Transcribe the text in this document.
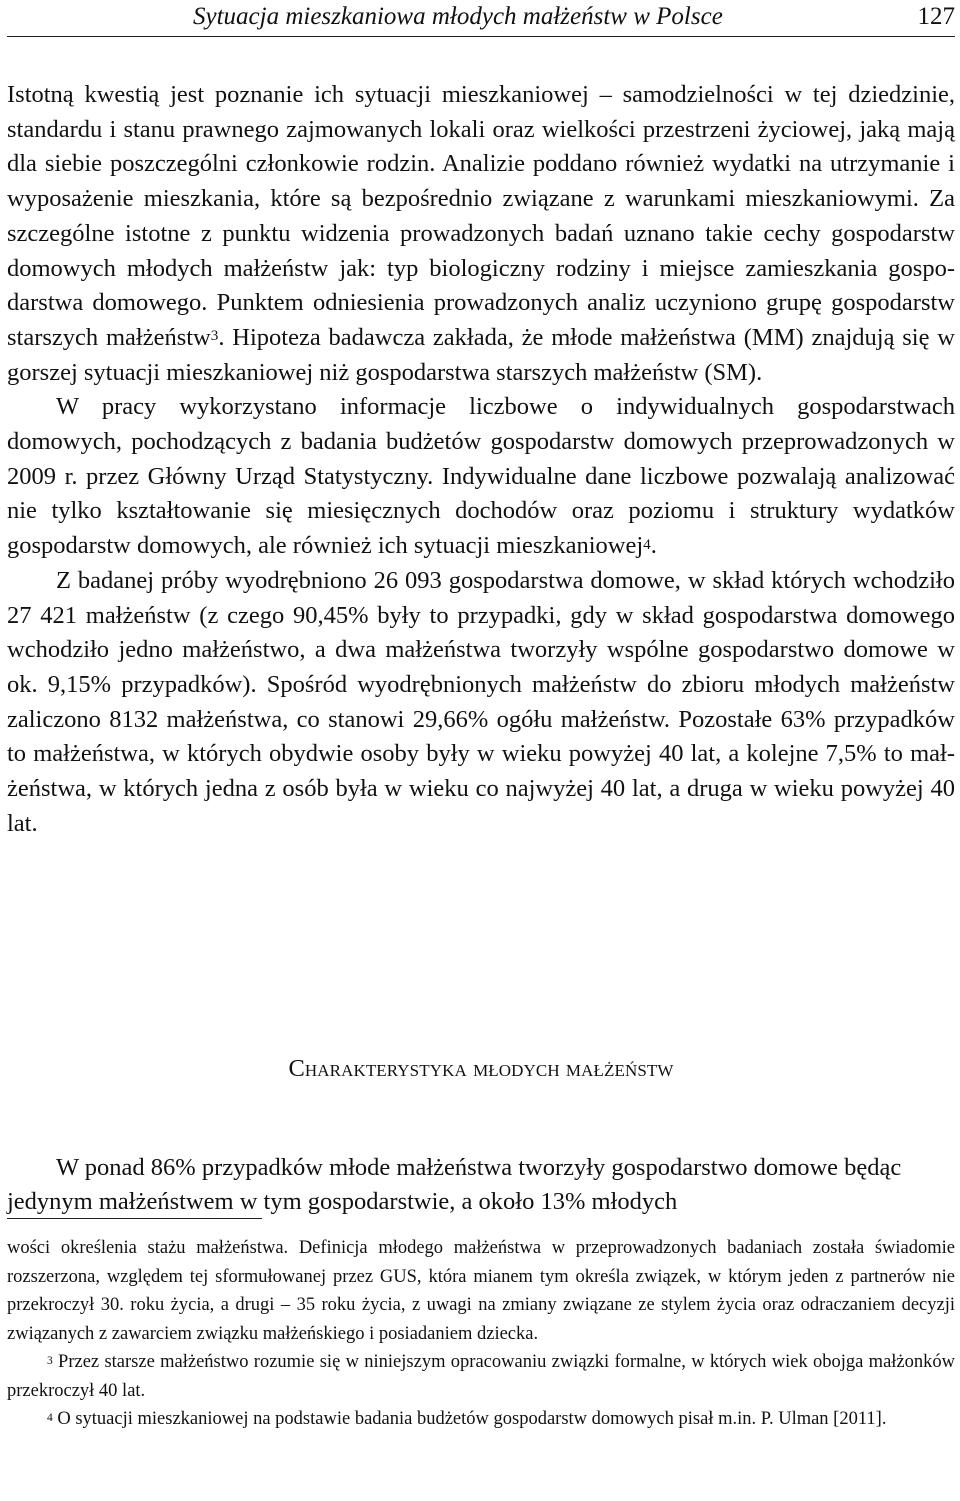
Sytuacja mieszkaniowa młodych małżeństw w Polsce	127

Istotną kwestią jest poznanie ich sytuacji mieszkaniowej – samodzielności w tej dziedzinie, standardu i stanu prawnego zajmowanych lokali oraz wielkości przestrzeni życiowej, jaką mają dla siebie poszczególni członkowie rodzin. Analizie poddano również wydatki na utrzymanie i wyposażenie mieszkania, które są bezpośrednio związane z warunkami mieszkaniowymi. Za szczególne istotne z punktu widzenia prowadzonych badań uznano takie cechy gospodarstw domowych młodych małżeństw jak: typ biologiczny rodziny i miejsce zamieszkania gospodarstwa domowego. Punktem odniesienia prowadzonych analiz uczyniono grupę gospodarstw starszych małżeństw$^3$. Hipoteza badawcza zakłada, że młode małżeństwa (MM) znajdują się w gorszej sytuacji mieszkaniowej niż gospodarstwa starszych małżeństw (SM).

W pracy wykorzystano informacje liczbowe o indywidualnych gospodarstwach domowych, pochodzących z badania budżetów gospodarstw domowych przeprowadzonych w 2009 r. przez Główny Urząd Statystyczny. Indywidualne dane liczbowe pozwalają analizować nie tylko kształtowanie się miesięcznych dochodów oraz poziomu i struktury wydatków gospodarstw domowych, ale również ich sytuacji mieszkaniowej$^4$.

Z badanej próby wyodrębniono 26 093 gospodarstwa domowe, w skład których wchodziło 27 421 małżeństw (z czego 90,45% były to przypadki, gdy w skład gospodarstwa domowego wchodziło jedno małżeństwo, a dwa małżeństwa tworzyły wspólne gospodarstwo domowe w ok. 9,15% przypadków). Spośród wyodrębnionych małżeństw do zbioru młodych małżeństw zaliczono 8132 małżeństwa, co stanowi 29,66% ogółu małżeństw. Pozostałe 63% przypadków to małżeństwa, w których obydwie osoby były w wieku powyżej 40 lat, a kolejne 7,5% to małżeństwa, w których jedna z osób była w wieku co najwyżej 40 lat, a druga w wieku powyżej 40 lat.

Charakterystyka młodych małżeństw

W ponad 86% przypadków młode małżeństwa tworzyły gospodarstwo domowe będąc jedynym małżeństwem w tym gospodarstwie, a około 13% młodych

wości określenia stażu małżeństwa. Definicja młodego małżeństwa w przeprowadzonych badaniach została świadomie rozszerzona, względem tej sformułowanej przez GUS, która mianem tym określa związek, w którym jeden z partnerów nie przekroczył 30. roku życia, a drugi – 35 roku życia, z uwagi na zmiany związane ze stylem życia oraz odraczaniem decyzji związanych z zawarciem związku małżeńskiego i posiadaniem dziecka.

$^3$ Przez starsze małżeństwo rozumie się w niniejszym opracowaniu związki formalne, w których wiek obojga małżonków przekroczył 40 lat.

$^4$ O sytuacji mieszkaniowej na podstawie badania budżetów gospodarstw domowych pisał m.in. P. Ulman [2011].
